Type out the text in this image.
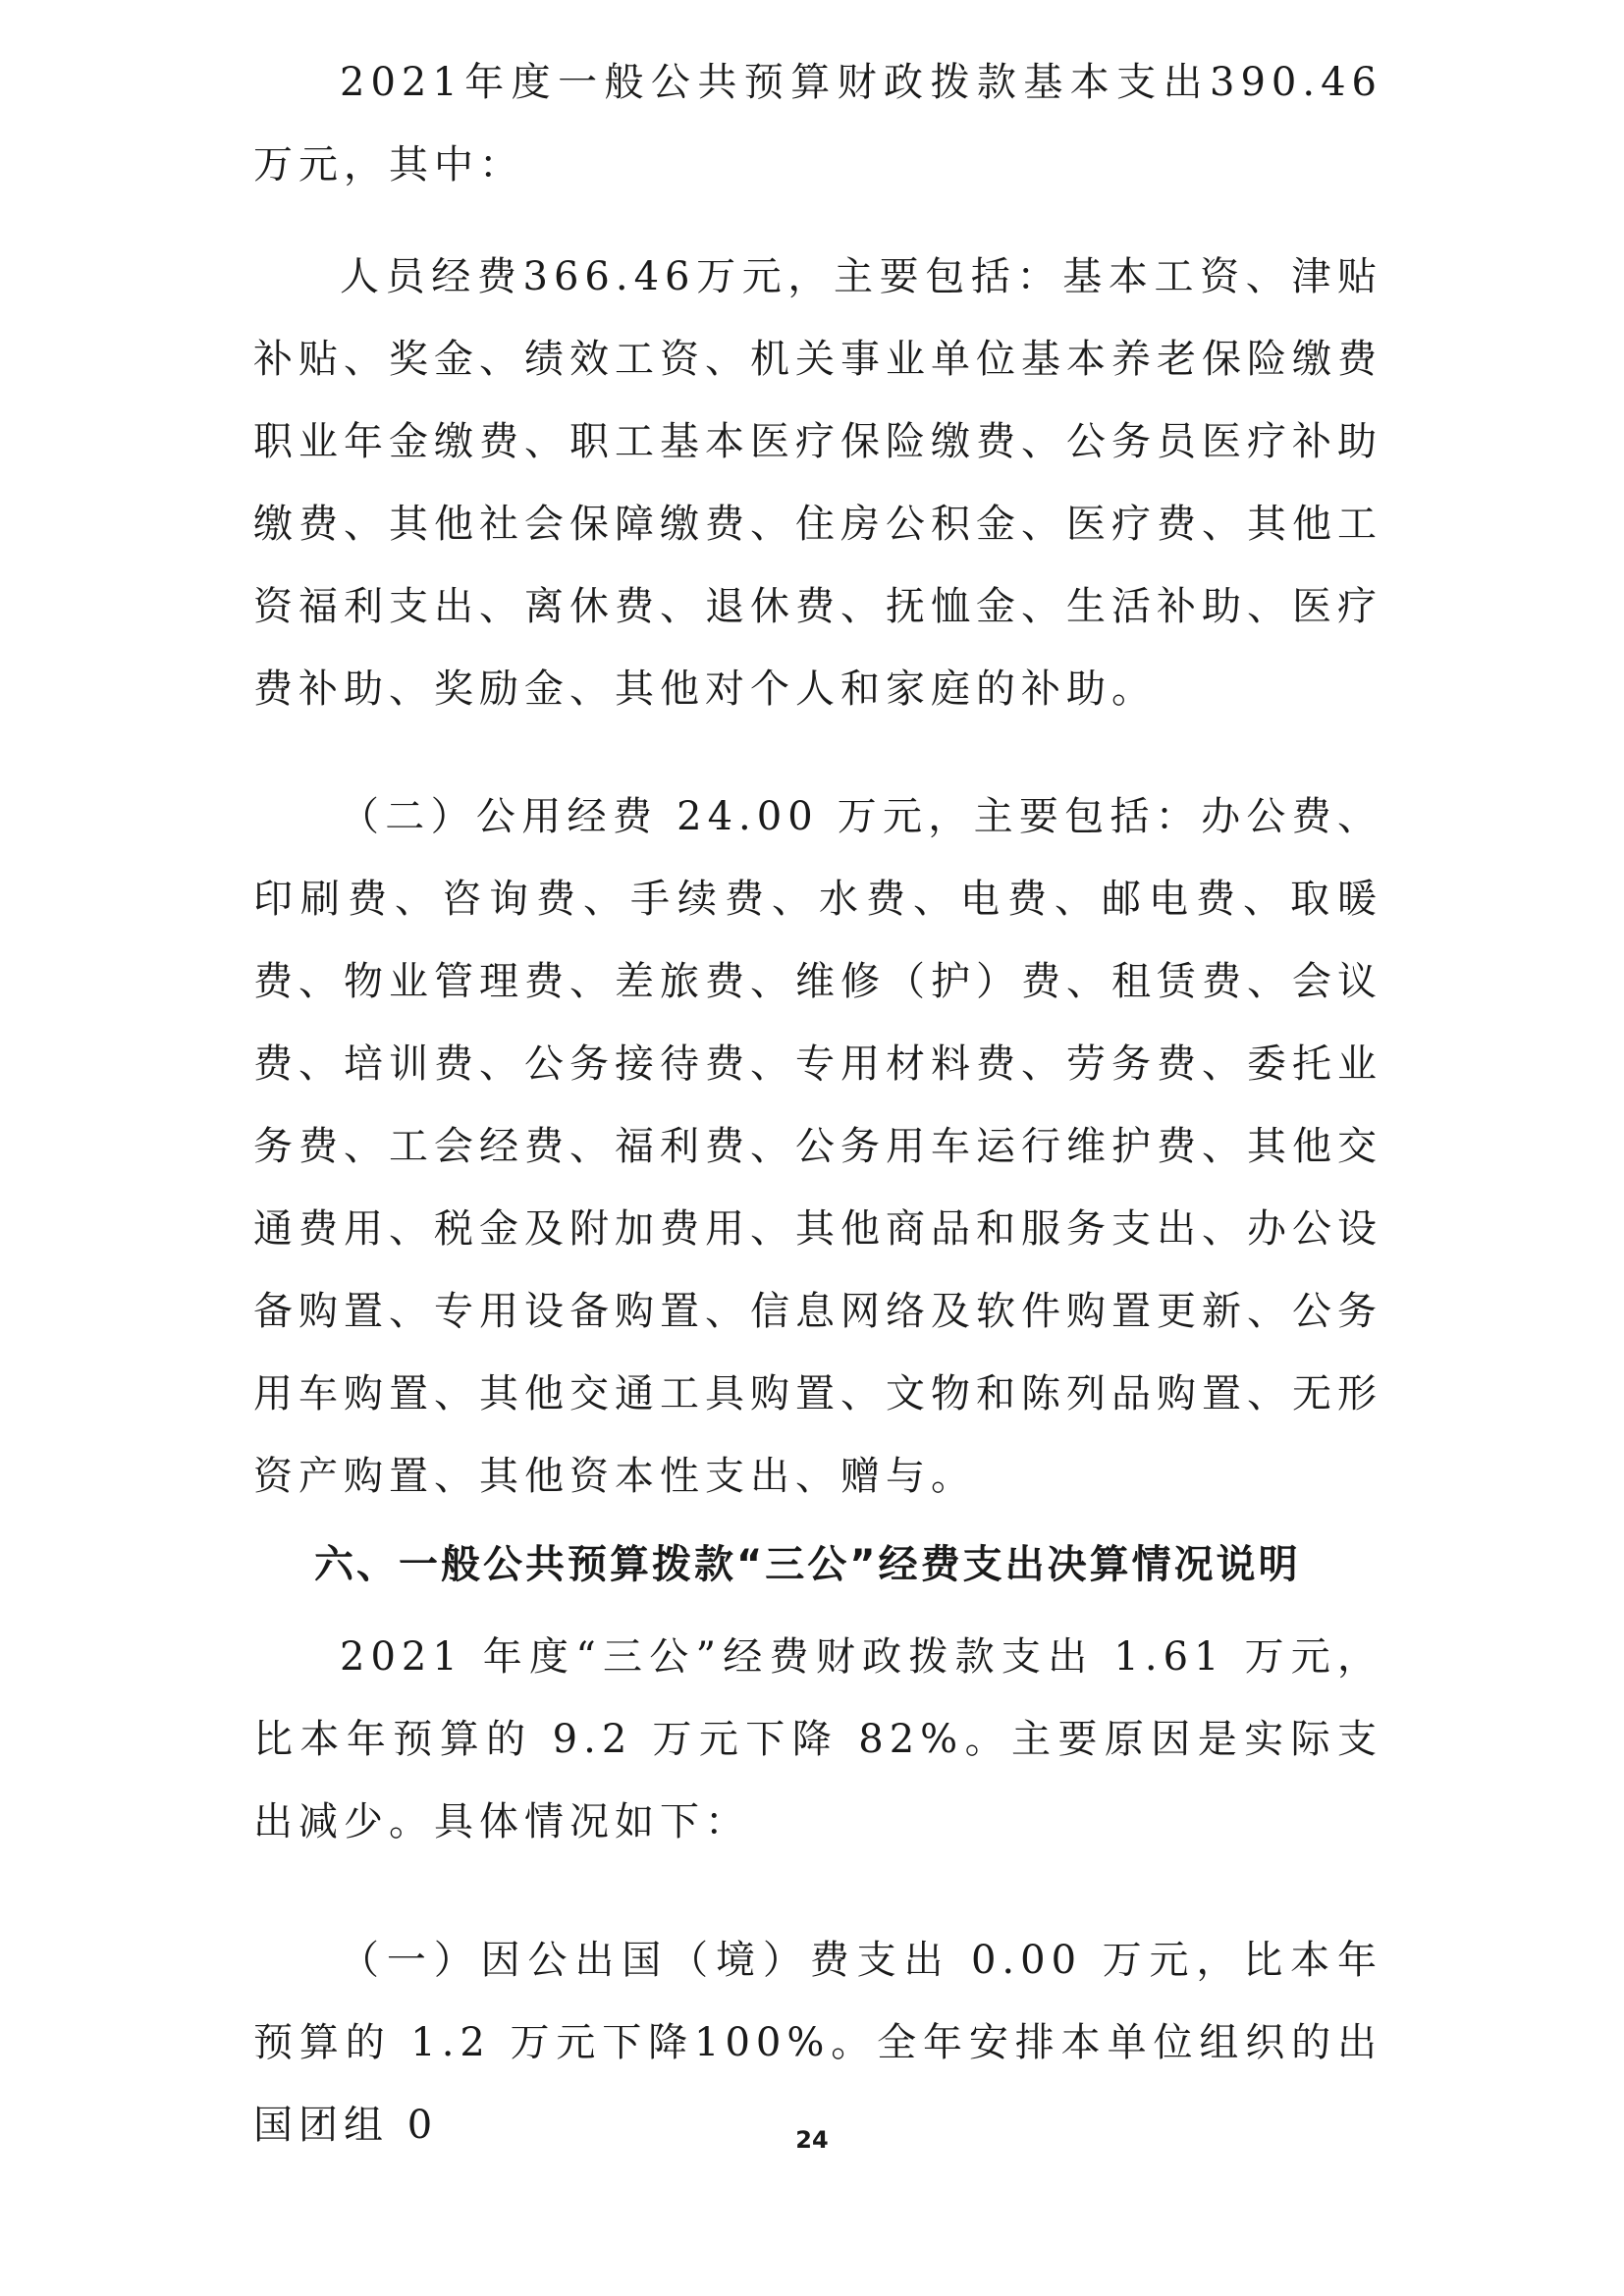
2021年度一般公共预算财政拨款基本支出390.46万元，其中：

人员经费366.46万元，主要包括：基本工资、津贴补贴、奖金、绩效工资、机关事业单位基本养老保险缴费职业年金缴费、职工基本医疗保险缴费、公务员医疗补助缴费、其他社会保障缴费、住房公积金、医疗费、其他工资福利支出、离休费、退休费、抚恤金、生活补助、医疗费补助、奖励金、其他对个人和家庭的补助。

（二）公用经费 24.00 万元，主要包括：办公费、印刷费、咨询费、手续费、水费、电费、邮电费、取暖费、物业管理费、差旅费、维修（护）费、租赁费、会议费、培训费、公务接待费、专用材料费、劳务费、委托业务费、工会经费、福利费、公务用车运行维护费、其他交通费用、税金及附加费用、其他商品和服务支出、办公设备购置、专用设备购置、信息网络及软件购置更新、公务用车购置、其他交通工具购置、文物和陈列品购置、无形资产购置、其他资本性支出、赠与。

六、一般公共预算拨款“三公”经费支出决算情况说明

2021 年度“三公”经费财政拨款支出 1.61 万元，比本年预算的 9.2 万元下降 82%。主要原因是实际支出减少。具体情况如下：

（一）因公出国（境）费支出 0.00 万元，比本年预算的 1.2 万元下降100%。全年安排本单位组织的出国团组 0	24
